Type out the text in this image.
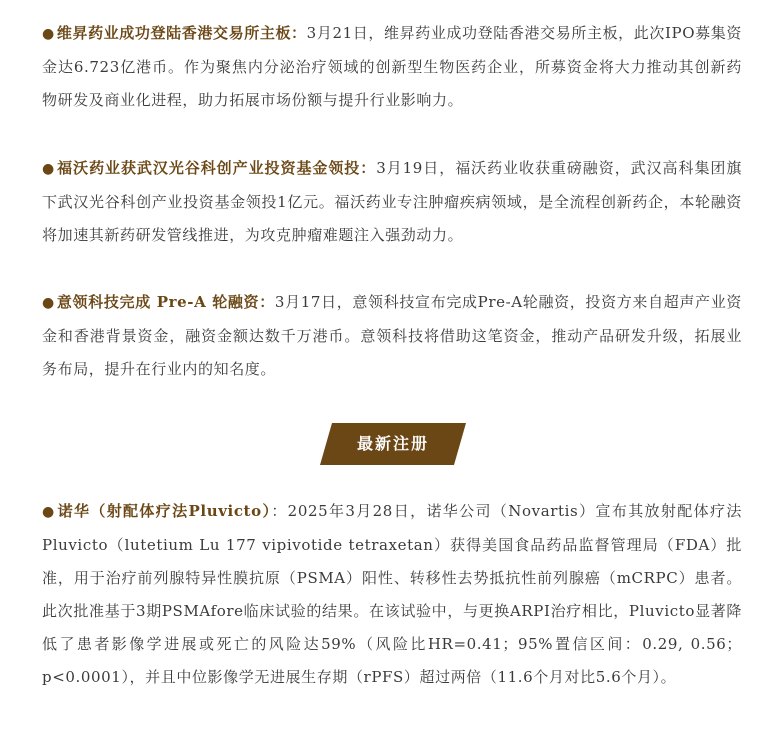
● 维昇药业成功登陆香港交易所主板：3月21日，维昇药业成功登陆香港交易所主板，此次IPO募集资金达6.723亿港币。作为聚焦内分泌治疗领域的创新型生物医药企业，所募资金将大力推动其创新药物研发及商业化进程，助力拓展市场份额与提升行业影响力。
● 福沃药业获武汉光谷科创产业投资基金领投：3月19日，福沃药业收获重磅融资，武汉高科集团旗下武汉光谷科创产业投资基金领投1亿元。福沃药业专注肿瘤疾病领域，是全流程创新药企，本轮融资将加速其新药研发管线推进，为攻克肿瘤难题注入强劲动力。
● 意领科技完成 Pre-A 轮融资：3月17日，意领科技宣布完成Pre-A轮融资，投资方来自超声产业资金和香港背景资金，融资金额达数千万港币。意领科技将借助这笔资金，推动产品研发升级，拓展业务布局，提升在行业内的知名度。
最新注册
● 诺华（射配体疗法Pluvicto）：2025年3月28日，诺华公司（Novartis）宣布其放射配体疗法Pluvicto（lutetium Lu 177 vipivotide tetraxetan）获得美国食品药品监督管理局（FDA）批准，用于治疗前列腺特异性膜抗原（PSMA）阳性、转移性去势抵抗性前列腺癌（mCRPC）患者。此次批准基于3期PSMAfore临床试验的结果。在该试验中，与更换ARPI治疗相比，Pluvicto显著降低了患者影像学进展或死亡的风险达59%（风险比HR=0.41；95%置信区间：0.29, 0.56；p<0.0001），并且中位影像学无进展生存期（rPFS）超过两倍（11.6个月对比5.6个月）。
